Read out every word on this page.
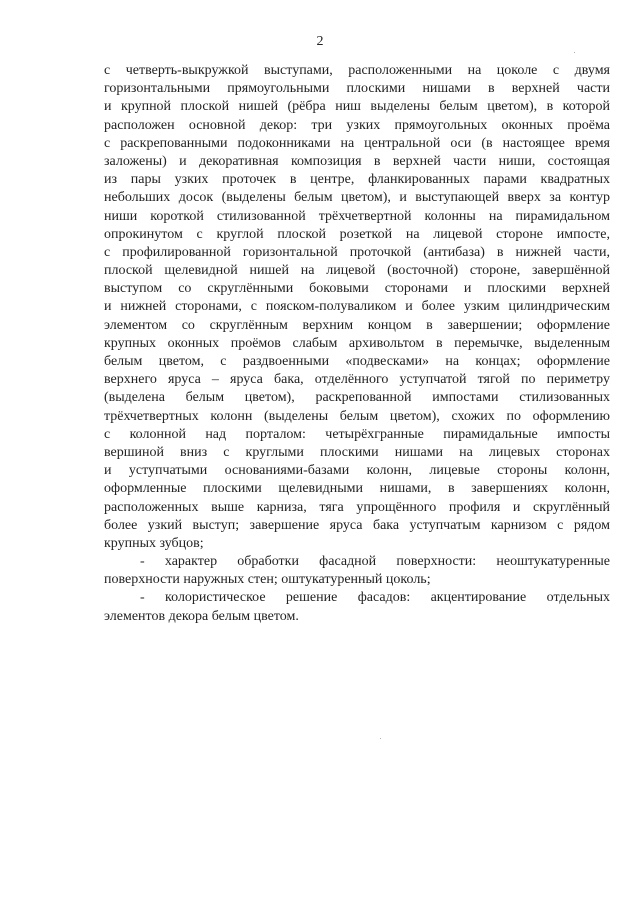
2
с четверть-выкружкой выступами, расположенными на цоколе с двумя
горизонтальными прямоугольными плоскими нишами в верхней части
и крупной плоской нишей (рёбра ниш выделены белым цветом), в которой
расположен основной декор: три узких прямоугольных оконных проёма
с раскрепованными подоконниками на центральной оси (в настоящее время
заложены) и декоративная композиция в верхней части ниши, состоящая
из пары узких проточек в центре, фланкированных парами квадратных
небольших досок (выделены белым цветом), и выступающей вверх за контур
ниши короткой стилизованной трёхчетвертной колонны на пирамидальном
опрокинутом с круглой плоской розеткой на лицевой стороне импосте,
с профилированной горизонтальной проточкой (антибаза) в нижней части,
плоской щелевидной нишей на лицевой (восточной) стороне, завершённой
выступом со скруглёнными боковыми сторонами и плоскими верхней
и нижней сторонами, с пояском-полуваликом и более узким цилиндрическим
элементом со скруглённым верхним концом в завершении; оформление
крупных оконных проёмов слабым архивольтом в перемычке, выделенным
белым цветом, с раздвоенными «подвесками» на концах; оформление
верхнего яруса – яруса бака, отделённого уступчатой тягой по периметру
(выделена белым цветом), раскрепованной импостами стилизованных
трёхчетвертных колонн (выделены белым цветом), схожих по оформлению
с колонной над порталом: четырёхгранные пирамидальные импосты
вершиной вниз с круглыми плоскими нишами на лицевых сторонах
и уступчатыми основаниями-базами колонн, лицевые стороны колонн,
оформленные плоскими щелевидными нишами, в завершениях колонн,
расположенных выше карниза, тяга упрощённого профиля и скруглённый
более узкий выступ; завершение яруса бака уступчатым карнизом с рядом
крупных зубцов;
- характер обработки фасадной поверхности: неоштукатуренные
поверхности наружных стен; оштукатуренный цоколь;
- колористическое решение фасадов: акцентирование отдельных
элементов декора белым цветом.
